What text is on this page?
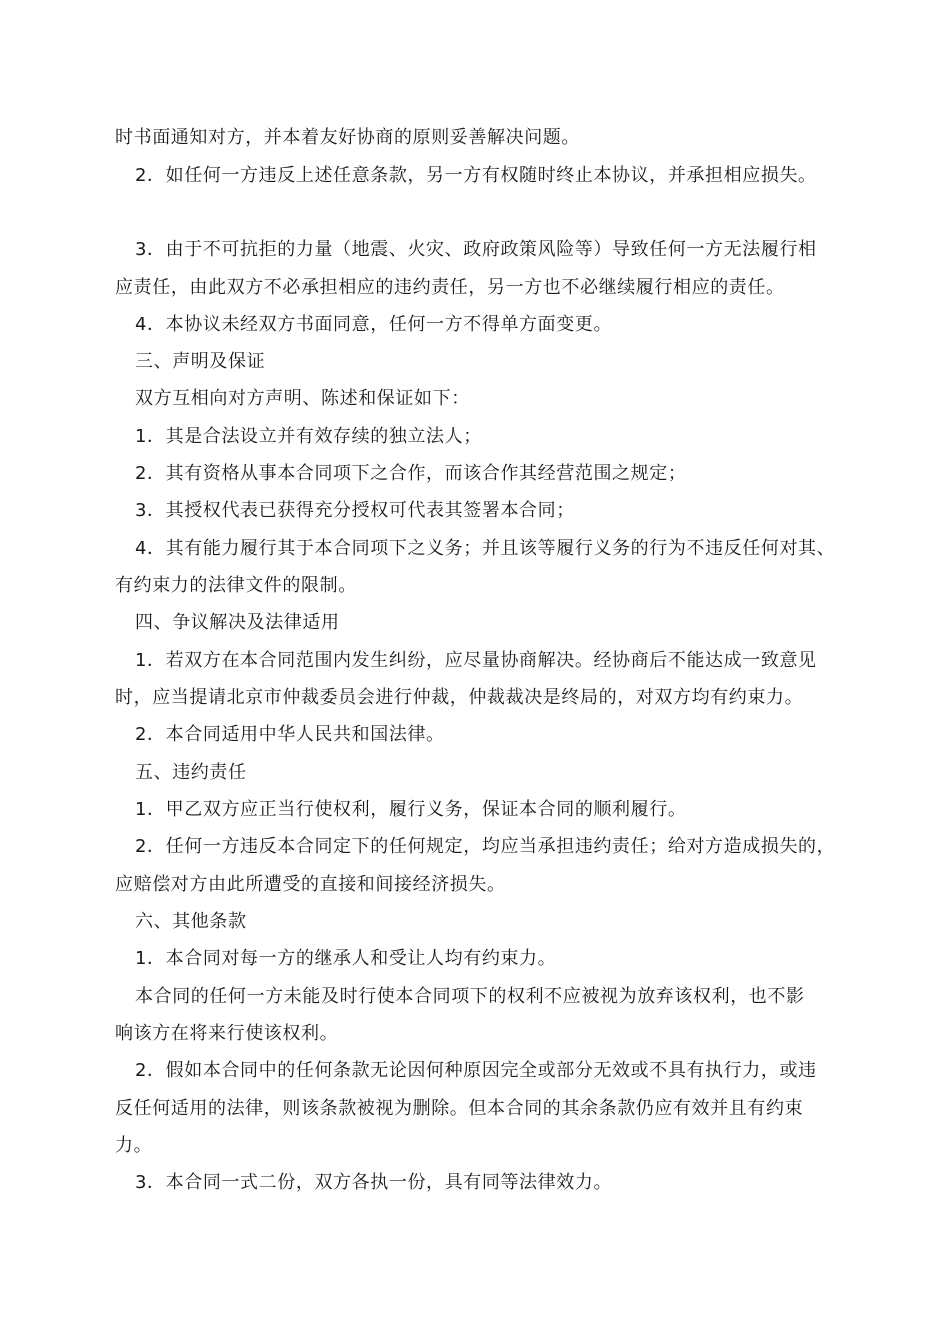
时书面通知对方，并本着友好协商的原则妥善解决问题。
2．如任何一方违反上述任意条款，另一方有权随时终止本协议，并承担相应损失。
3．由于不可抗拒的力量（地震、火灾、政府政策风险等）导致任何一方无法履行相
应责任，由此双方不必承担相应的违约责任，另一方也不必继续履行相应的责任。
4．本协议未经双方书面同意，任何一方不得单方面变更。
三、声明及保证
双方互相向对方声明、陈述和保证如下：
1．其是合法设立并有效存续的独立法人；
2．其有资格从事本合同项下之合作，而该合作其经营范围之规定；
3．其授权代表已获得充分授权可代表其签署本合同；
4．其有能力履行其于本合同项下之义务；并且该等履行义务的行为不违反任何对其、
有约束力的法律文件的限制。
四、争议解决及法律适用
1．若双方在本合同范围内发生纠纷，应尽量协商解决。经协商后不能达成一致意见
时，应当提请北京市仲裁委员会进行仲裁，仲裁裁决是终局的，对双方均有约束力。
2．本合同适用中华人民共和国法律。
五、违约责任
1．甲乙双方应正当行使权利，履行义务，保证本合同的顺利履行。
2．任何一方违反本合同定下的任何规定，均应当承担违约责任；给对方造成损失的，
应赔偿对方由此所遭受的直接和间接经济损失。
六、其他条款
1．本合同对每一方的继承人和受让人均有约束力。
本合同的任何一方未能及时行使本合同项下的权利不应被视为放弃该权利，也不影
响该方在将来行使该权利。
2．假如本合同中的任何条款无论因何种原因完全或部分无效或不具有执行力，或违
反任何适用的法律，则该条款被视为删除。但本合同的其余条款仍应有效并且有约束
力。
3．本合同一式二份，双方各执一份，具有同等法律效力。
